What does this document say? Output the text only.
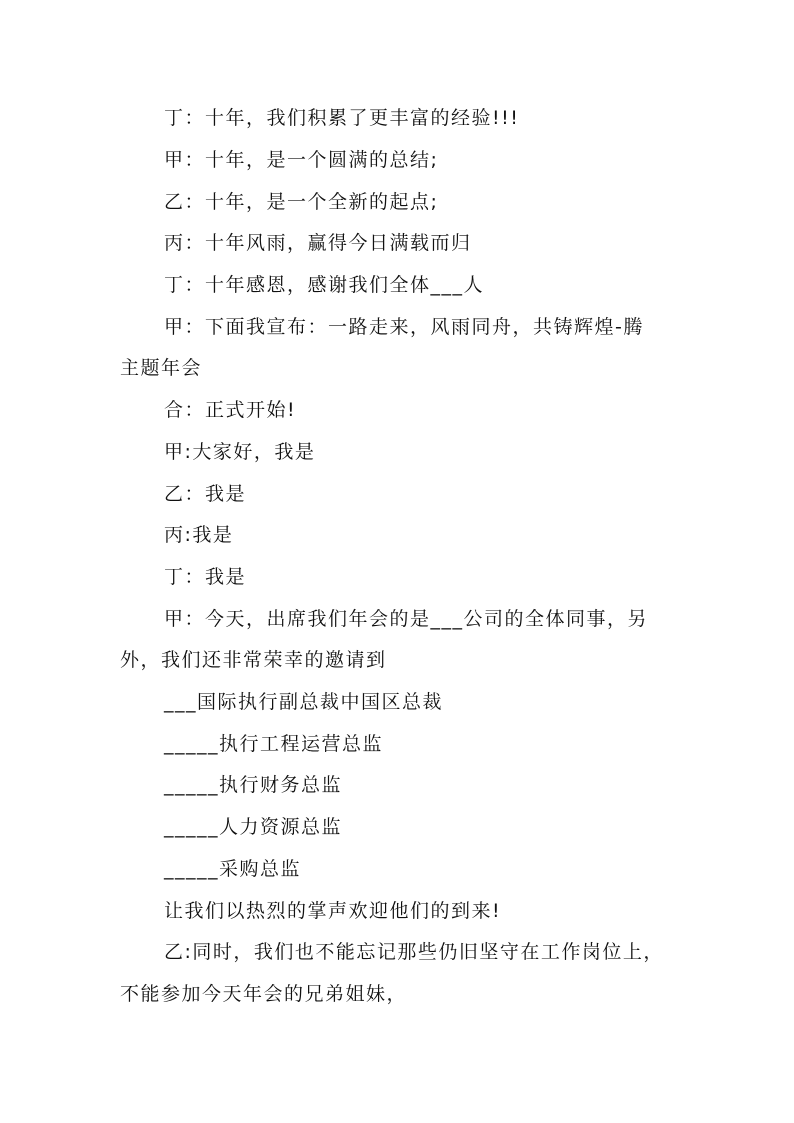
丁：十年，我们积累了更丰富的经验!!!
甲：十年，是一个圆满的总结;
乙：十年，是一个全新的起点;
丙：十年风雨，赢得今日满载而归
丁：十年感恩，感谢我们全体___人
甲：下面我宣布：一路走来，风雨同舟，共铸辉煌-腾
主题年会
合：正式开始!
甲:大家好，我是
乙：我是
丙:我是
丁：我是
甲：今天，出席我们年会的是___公司的全体同事，另
外，我们还非常荣幸的邀请到
___国际执行副总裁中国区总裁
_____执行工程运营总监
_____执行财务总监
_____人力资源总监
_____采购总监
让我们以热烈的掌声欢迎他们的到来!
乙:同时，我们也不能忘记那些仍旧坚守在工作岗位上，
不能参加今天年会的兄弟姐妹，
